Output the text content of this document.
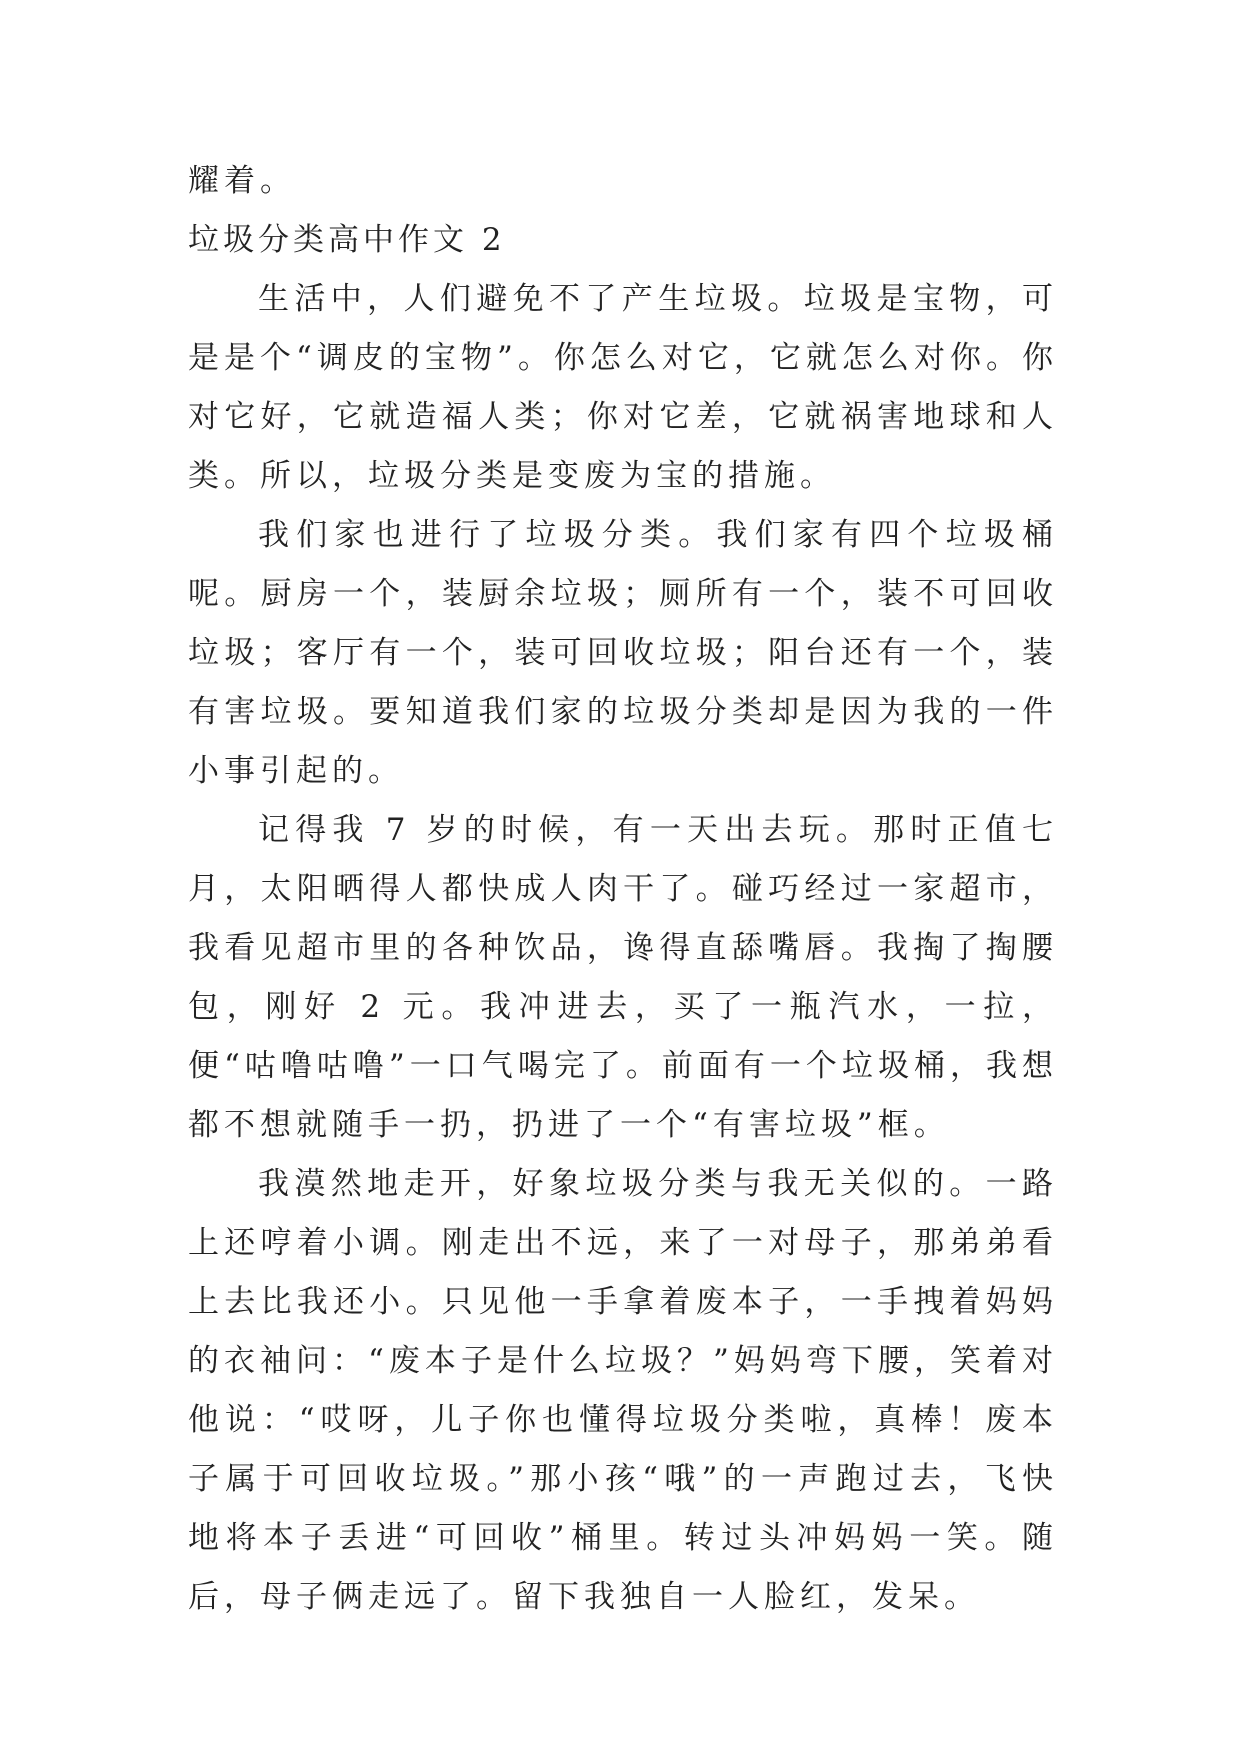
耀着。

垃圾分类高中作文 2

生活中，人们避免不了产生垃圾。垃圾是宝物，可是是个“调皮的宝物”。你怎么对它，它就怎么对你。你对它好，它就造福人类；你对它差，它就祸害地球和人类。所以，垃圾分类是变废为宝的措施。

我们家也进行了垃圾分类。我们家有四个垃圾桶呢。厨房一个，装厨余垃圾；厕所有一个，装不可回收垃圾；客厅有一个，装可回收垃圾；阳台还有一个，装有害垃圾。要知道我们家的垃圾分类却是因为我的一件小事引起的。

记得我 7 岁的时候，有一天出去玩。那时正值七月，太阳晒得人都快成人肉干了。碰巧经过一家超市，我看见超市里的各种饮品，谗得直舔嘴唇。我掏了掏腰包，刚好 2 元。我冲进去，买了一瓶汽水，一拉，便“咕噜咕噜”一口气喝完了。前面有一个垃圾桶，我想都不想就随手一扔，扔进了一个“有害垃圾”框。

我漠然地走开，好象垃圾分类与我无关似的。一路上还哼着小调。刚走出不远，来了一对母子，那弟弟看上去比我还小。只见他一手拿着废本子，一手拽着妈妈的衣袖问：“废本子是什么垃圾？”妈妈弯下腰，笑着对他说：“哎呀，儿子你也懂得垃圾分类啦，真棒！废本子属于可回收垃圾。”那小孩“哦”的一声跑过去，飞快地将本子丢进“可回收”桶里。转过头冲妈妈一笑。随后，母子俩走远了。留下我独自一人脸红，发呆。
